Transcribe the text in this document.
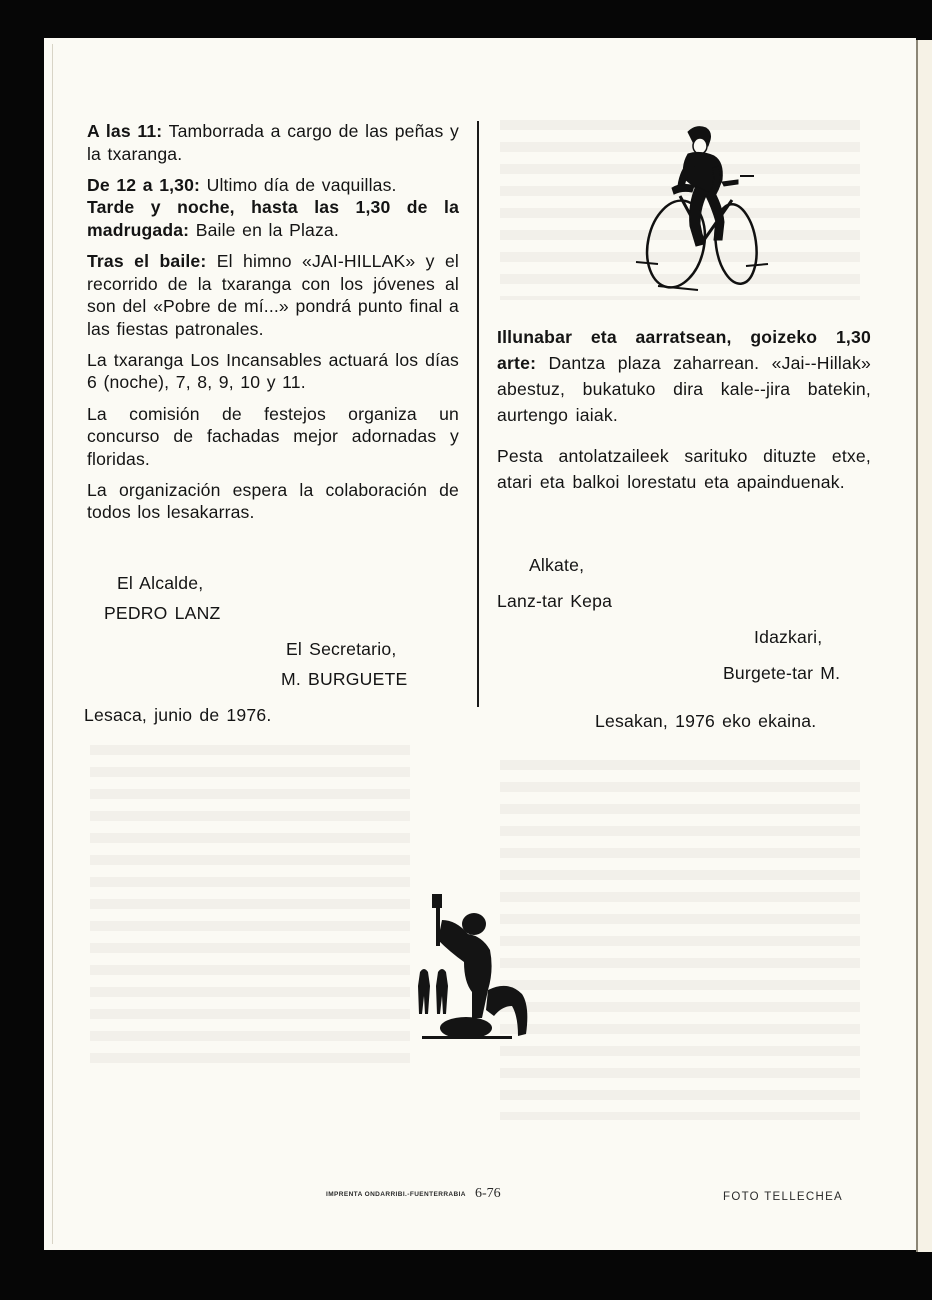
A las 11: Tamborrada a cargo de las peñas y la txaranga.

De 12 a 1,30: Ultimo día de vaquillas.

Tarde y noche, hasta las 1,30 de la madrugada: Baile en la Plaza.

Tras el baile: El himno «JAI-HILLAK» y el recorrido de la txaranga con los jóvenes al son del «Pobre de mí...» pondrá punto final a las fiestas patronales.

La txaranga Los Incansables actuará los días 6 (noche), 7, 8, 9, 10 y 11.

La comisión de festejos organiza un concurso de fachadas mejor adornadas y floridas.

La organización espera la colaboración de todos los lesakarras.

El Alcalde,
PEDRO LANZ
El Secretario,
M. BURGUETE
Lesaca, junio de 1976.

Illunabar eta aarratsean, goizeko 1,30 arte: Dantza plaza zaharrean. «Jai--Hillak» abestuz, bukatuko dira kale--jira batekin, aurtengo iaiak.

Pesta antolatzaileek sarituko dituzte etxe, atari eta balkoi lorestatu eta apainduenak.

Alkate,
Lanz-tar Kepa
Idazkari,
Burgete-tar M.
Lesakan, 1976 eko ekaina.
IMPRENTA ONDARRIBI.-FUENTERRABIA 6-76	FOTO TELLECHEA
